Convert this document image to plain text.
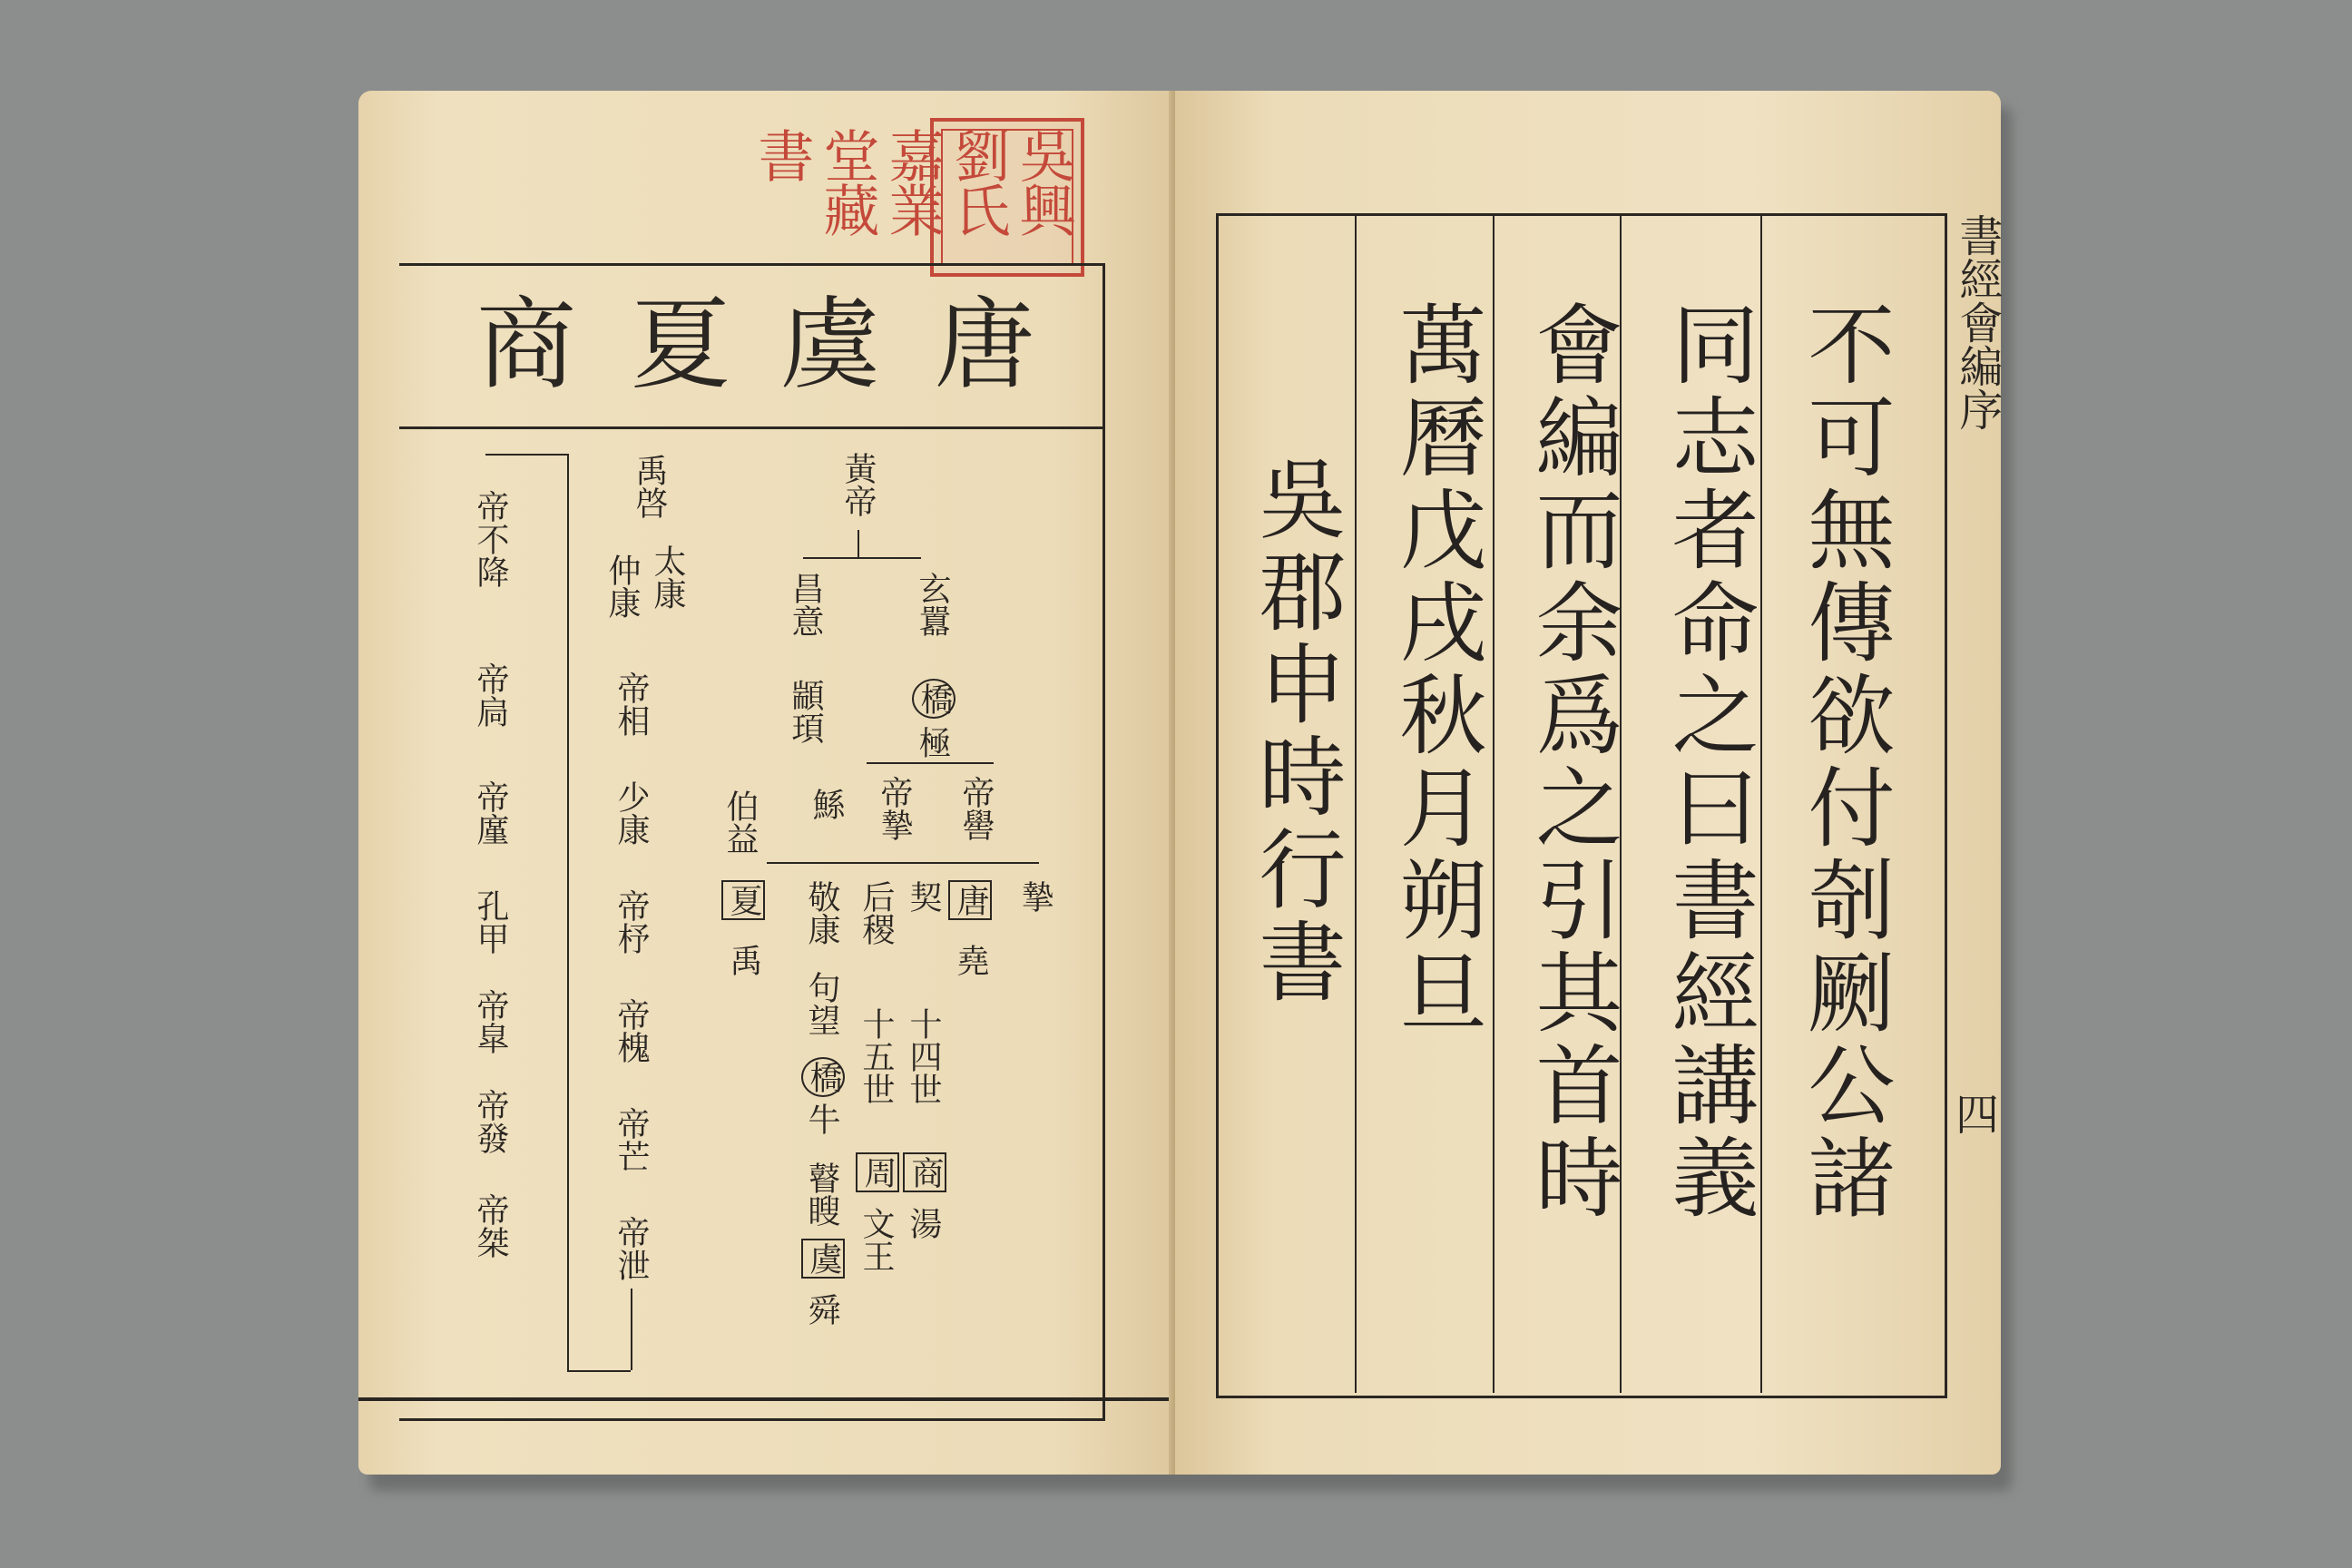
吳興劉氏嘉業堂藏書
唐
虞
夏
商
黃帝
昌意
顓頊
伯益 鯀
夏
禹
玄囂
橋
極
帝摯 帝嚳
敬康
句望
橋
牛
瞽瞍
虞
舜
后稷 契 唐
堯
摯
十五世 十四世
周
文王
商
湯
禹啓
太康
仲康
帝相
少康
帝杼
帝槐
帝芒
帝泄
帝不降
帝扃
帝廑
孔甲
帝皐
帝發
帝桀
不可無傳欲付剞劂公諸
同志者命之曰書經講義
會編而余爲之引其首時
萬曆戊戌秋月朔旦
吳郡申時行書
書經會編序
四
